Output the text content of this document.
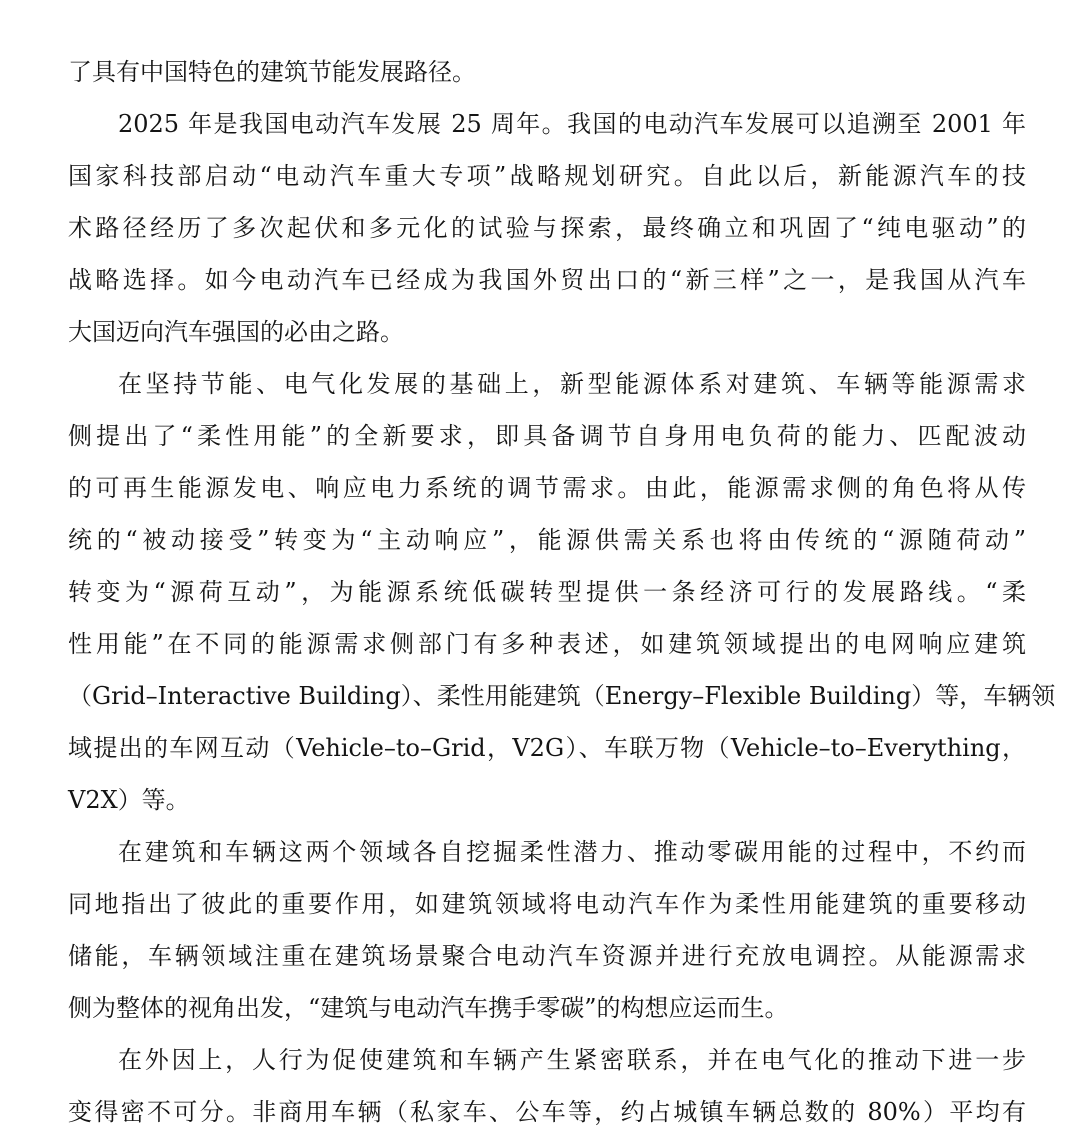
了具有中国特色的建筑节能发展路径。
2025 年是我国电动汽车发展 25 周年。我国的电动汽车发展可以追溯至 2001 年
国家科技部启动“电动汽车重大专项”战略规划研究。自此以后，新能源汽车的技
术路径经历了多次起伏和多元化的试验与探索，最终确立和巩固了“纯电驱动”的
战略选择。如今电动汽车已经成为我国外贸出口的“新三样”之一，是我国从汽车
大国迈向汽车强国的必由之路。
在坚持节能、电气化发展的基础上，新型能源体系对建筑、车辆等能源需求
侧提出了“柔性用能”的全新要求，即具备调节自身用电负荷的能力、匹配波动
的可再生能源发电、响应电力系统的调节需求。由此，能源需求侧的角色将从传
统的“被动接受”转变为“主动响应”，能源供需关系也将由传统的“源随荷动”
转变为“源荷互动”，为能源系统低碳转型提供一条经济可行的发展路线。“柔
性用能”在不同的能源需求侧部门有多种表述，如建筑领域提出的电网响应建筑
（Grid–Interactive Building）、柔性用能建筑（Energy–Flexible Building）等，车辆领
域提出的车网互动（Vehicle–to–Grid，V2G）、车联万物（Vehicle–to–Everything，
V2X）等。
在建筑和车辆这两个领域各自挖掘柔性潜力、推动零碳用能的过程中，不约而
同地指出了彼此的重要作用，如建筑领域将电动汽车作为柔性用能建筑的重要移动
储能，车辆领域注重在建筑场景聚合电动汽车资源并进行充放电调控。从能源需求
侧为整体的视角出发，“建筑与电动汽车携手零碳”的构想应运而生。
在外因上，人行为促使建筑和车辆产生紧密联系，并在电气化的推动下进一步
变得密不可分。非商用车辆（私家车、公车等，约占城镇车辆总数的 80%）平均有
